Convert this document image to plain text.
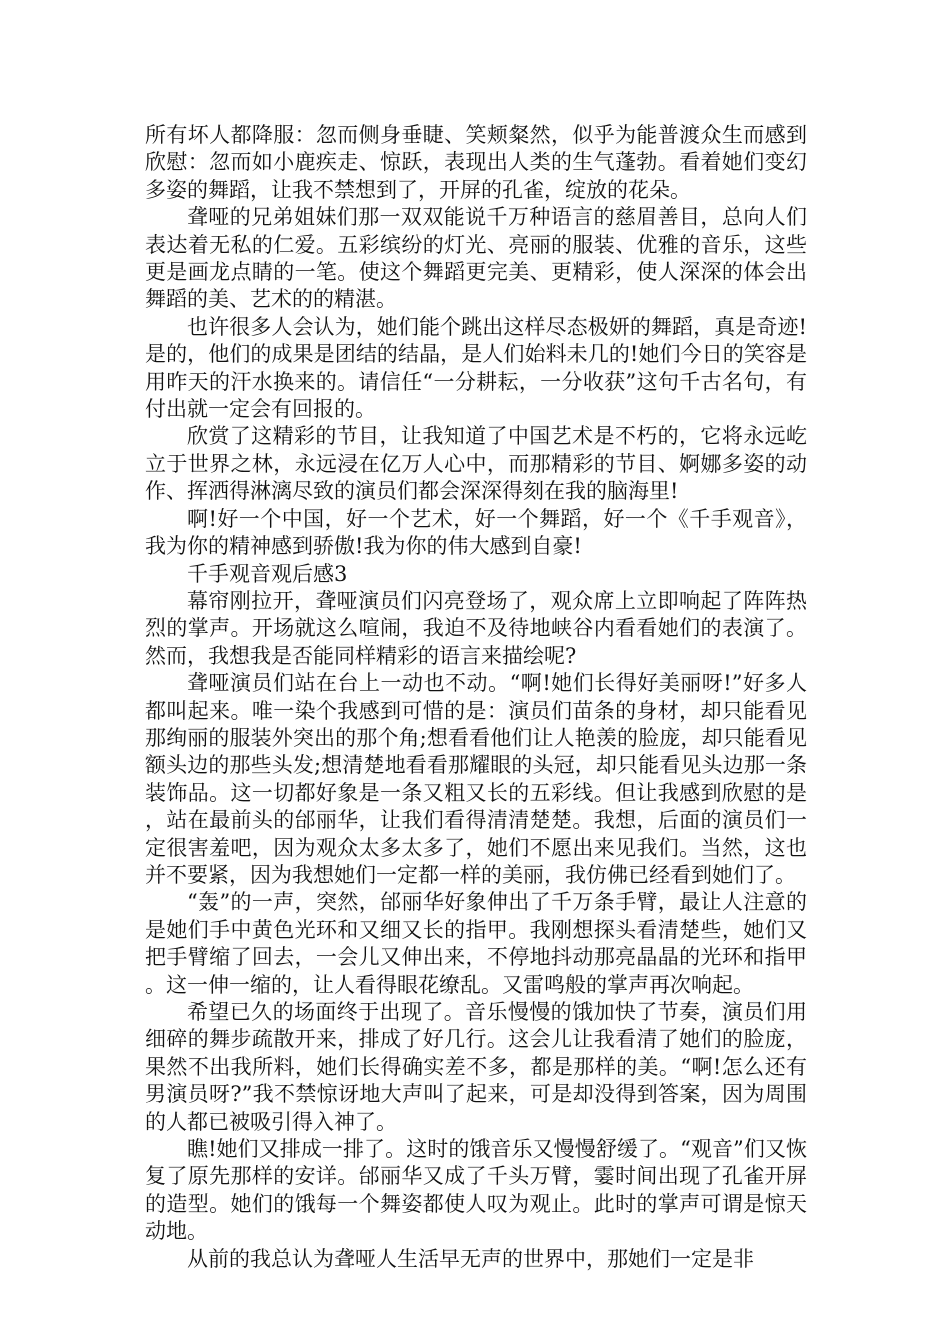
所有坏人都降服：忽而侧身垂睫、笑颊粲然，似乎为能普渡众生而感到欣慰：忽而如小鹿疾走、惊跃，表现出人类的生气蓬勃。看着她们变幻多姿的舞蹈，让我不禁想到了，开屏的孔雀，绽放的花朵。

聋哑的兄弟姐妹们那一双双能说千万种语言的慈眉善目，总向人们表达着无私的仁爱。五彩缤纷的灯光、亮丽的服装、优雅的音乐，这些更是画龙点睛的一笔。使这个舞蹈更完美、更精彩，使人深深的体会出舞蹈的美、艺术的的精湛。

也许很多人会认为，她们能个跳出这样尽态极妍的舞蹈，真是奇迹!是的，他们的成果是团结的结晶，是人们始料未几的!她们今日的笑容是用昨天的汗水换来的。请信任“一分耕耘，一分收获”这句千古名句，有付出就一定会有回报的。

欣赏了这精彩的节目，让我知道了中国艺术是不朽的，它将永远屹立于世界之林，永远浸在亿万人心中，而那精彩的节目、婀娜多姿的动作、挥洒得淋漓尽致的演员们都会深深得刻在我的脑海里!

啊!好一个中国，好一个艺术，好一个舞蹈，好一个《千手观音》，我为你的精神感到骄傲!我为你的伟大感到自豪!

千手观音观后感3

幕帘刚拉开，聋哑演员们闪亮登场了，观众席上立即响起了阵阵热烈的掌声。开场就这么喧闹，我迫不及待地峡谷内看看她们的表演了。然而，我想我是否能同样精彩的语言来描绘呢?

聋哑演员们站在台上一动也不动。“啊!她们长得好美丽呀!”好多人都叫起来。唯一染个我感到可惜的是：演员们苗条的身材，却只能看见那绚丽的服装外突出的那个角;想看看他们让人艳羡的脸庞，却只能看见额头边的那些头发;想清楚地看看那耀眼的头冠，却只能看见头边那一条装饰品。这一切都好象是一条又粗又长的五彩线。但让我感到欣慰的是，站在最前头的邰丽华，让我们看得清清楚楚。我想，后面的演员们一定很害羞吧，因为观众太多太多了，她们不愿出来见我们。当然，这也并不要紧，因为我想她们一定都一样的美丽，我仿佛已经看到她们了。

“轰”的一声，突然，邰丽华好象伸出了千万条手臂，最让人注意的是她们手中黄色光环和又细又长的指甲。我刚想探头看清楚些，她们又把手臂缩了回去，一会儿又伸出来，不停地抖动那亮晶晶的光环和指甲。这一伸一缩的，让人看得眼花缭乱。又雷鸣般的掌声再次响起。

希望已久的场面终于出现了。音乐慢慢的饿加快了节奏，演员们用细碎的舞步疏散开来，排成了好几行。这会儿让我看清了她们的脸庞，果然不出我所料，她们长得确实差不多，都是那样的美。“啊!怎么还有男演员呀?”我不禁惊讶地大声叫了起来，可是却没得到答案，因为周围的人都已被吸引得入神了。

瞧!她们又排成一排了。这时的饿音乐又慢慢舒缓了。“观音”们又恢复了原先那样的安详。邰丽华又成了千头万臂，霎时间出现了孔雀开屏的造型。她们的饿每一个舞姿都使人叹为观止。此时的掌声可谓是惊天动地。

从前的我总认为聋哑人生活早无声的世界中，那她们一定是非
